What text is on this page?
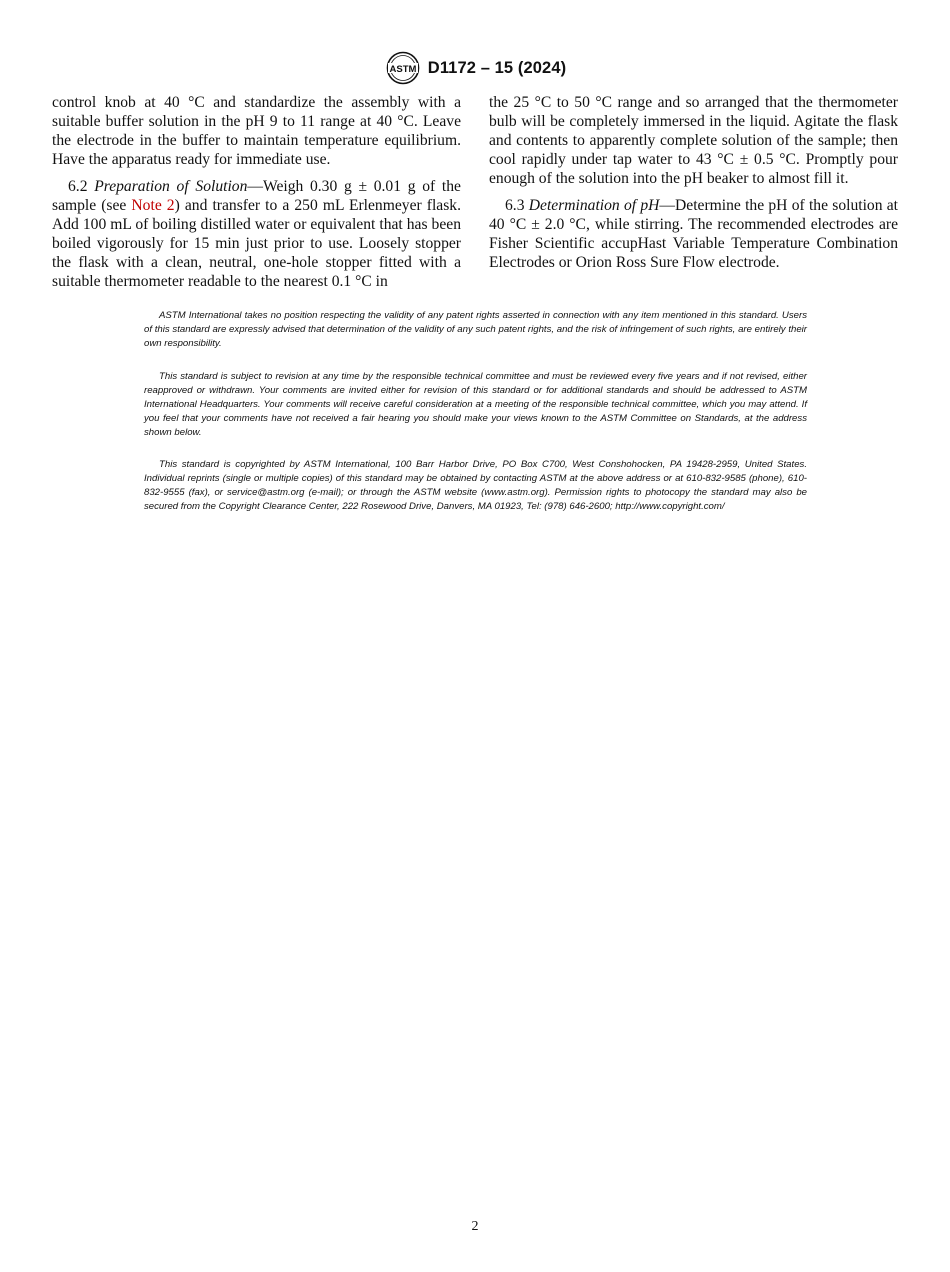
ASTM D1172 – 15 (2024)

control knob at 40 °C and standardize the assembly with a suitable buffer solution in the pH 9 to 11 range at 40 °C. Leave the electrode in the buffer to maintain temperature equilibrium. Have the apparatus ready for immediate use.

6.2 Preparation of Solution—Weigh 0.30 g ± 0.01 g of the sample (see Note 2) and transfer to a 250 mL Erlenmeyer flask. Add 100 mL of boiling distilled water or equivalent that has been boiled vigorously for 15 min just prior to use. Loosely stopper the flask with a clean, neutral, one-hole stopper fitted with a suitable thermometer readable to the nearest 0.1 °C in

the 25 °C to 50 °C range and so arranged that the thermometer bulb will be completely immersed in the liquid. Agitate the flask and contents to apparently complete solution of the sample; then cool rapidly under tap water to 43 °C ± 0.5 °C. Promptly pour enough of the solution into the pH beaker to almost fill it.

6.3 Determination of pH—Determine the pH of the solution at 40 °C ± 2.0 °C, while stirring. The recommended electrodes are Fisher Scientific accupHast Variable Temperature Combination Electrodes or Orion Ross Sure Flow electrode.

ASTM International takes no position respecting the validity of any patent rights asserted in connection with any item mentioned in this standard. Users of this standard are expressly advised that determination of the validity of any such patent rights, and the risk of infringement of such rights, are entirely their own responsibility.

This standard is subject to revision at any time by the responsible technical committee and must be reviewed every five years and if not revised, either reapproved or withdrawn. Your comments are invited either for revision of this standard or for additional standards and should be addressed to ASTM International Headquarters. Your comments will receive careful consideration at a meeting of the responsible technical committee, which you may attend. If you feel that your comments have not received a fair hearing you should make your views known to the ASTM Committee on Standards, at the address shown below.

This standard is copyrighted by ASTM International, 100 Barr Harbor Drive, PO Box C700, West Conshohocken, PA 19428-2959, United States. Individual reprints (single or multiple copies) of this standard may be obtained by contacting ASTM at the above address or at 610-832-9585 (phone), 610-832-9555 (fax), or service@astm.org (e-mail); or through the ASTM website (www.astm.org). Permission rights to photocopy the standard may also be secured from the Copyright Clearance Center, 222 Rosewood Drive, Danvers, MA 01923, Tel: (978) 646-2600; http://www.copyright.com/

2
